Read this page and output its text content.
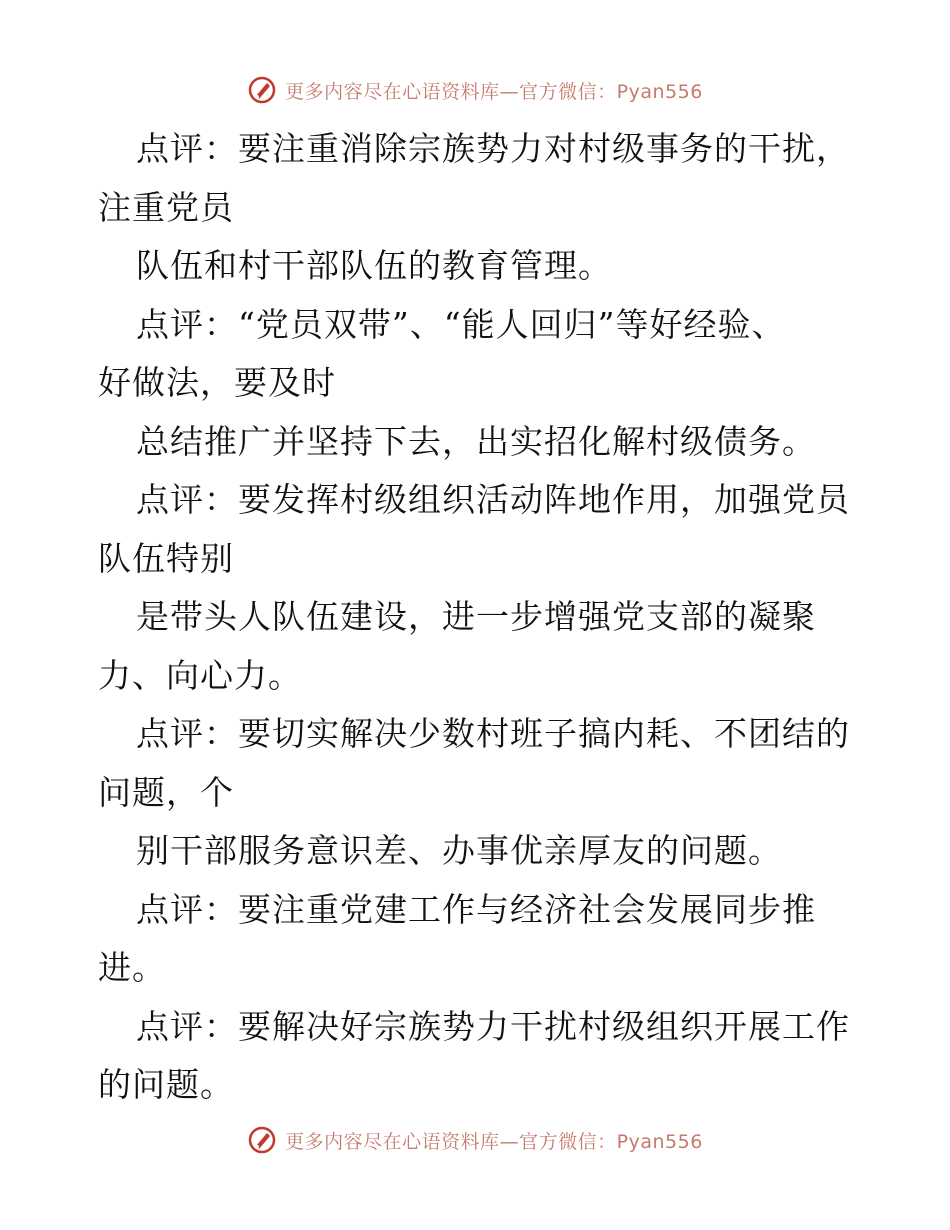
更多内容尽在心语资料库—官方微信：Pyan556
点评：要注重消除宗族势力对村级事务的干扰，
注重党员
队伍和村干部队伍的教育管理。
点评：“党员双带”、“能人回归”等好经验、
好做法，要及时
总结推广并坚持下去，出实招化解村级债务。
点评：要发挥村级组织活动阵地作用，加强党员
队伍特别
是带头人队伍建设，进一步增强党支部的凝聚
力、向心力。
点评：要切实解决少数村班子搞内耗、不团结的
问题，个
别干部服务意识差、办事优亲厚友的问题。
点评：要注重党建工作与经济社会发展同步推
进。
点评：要解决好宗族势力干扰村级组织开展工作
的问题。
更多内容尽在心语资料库—官方微信：Pyan556
